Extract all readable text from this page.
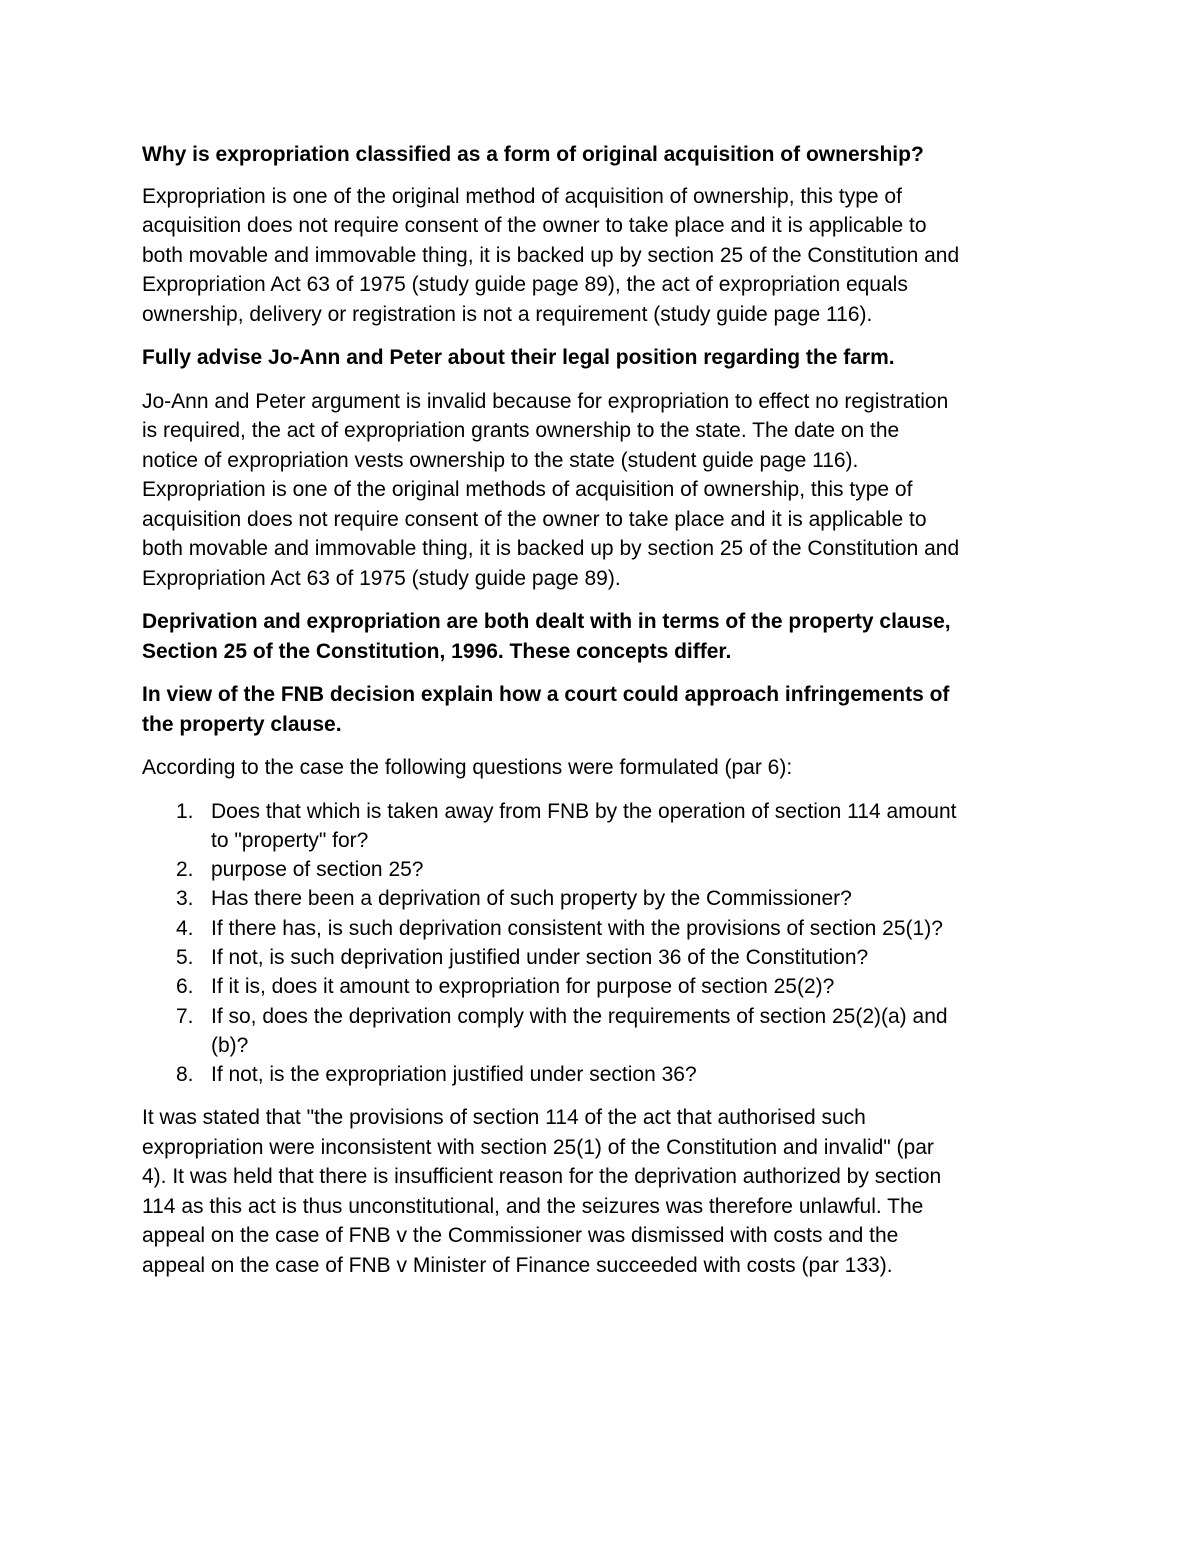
Why is expropriation classified as a form of original acquisition of ownership?
Expropriation is one of the original method of acquisition of ownership, this type of
acquisition does not require consent of the owner to take place and it is applicable to
both movable and immovable thing, it is backed up by section 25 of the Constitution and
Expropriation Act 63 of 1975 (study guide page 89), the act of expropriation equals
ownership, delivery or registration is not a requirement (study guide page 116).
Fully advise Jo-Ann and Peter about their legal position regarding the farm.
Jo-Ann and Peter argument is invalid because for expropriation to effect no registration
is required, the act of expropriation grants ownership to the state. The date on the
notice of expropriation vests ownership to the state (student guide page 116).
Expropriation is one of the original methods of acquisition of ownership, this type of
acquisition does not require consent of the owner to take place and it is applicable to
both movable and immovable thing, it is backed up by section 25 of the Constitution and
Expropriation Act 63 of 1975 (study guide page 89).
Deprivation and expropriation are both dealt with in terms of the property clause,
Section 25 of the Constitution, 1996. These concepts differ.
In view of the FNB decision explain how a court could approach infringements of
the property clause.
According to the case the following questions were formulated (par 6):
1. Does that which is taken away from FNB by the operation of section 114 amount
to "property" for?
2. purpose of section 25?
3. Has there been a deprivation of such property by the Commissioner?
4. If there has, is such deprivation consistent with the provisions of section 25(1)?
5. If not, is such deprivation justified under section 36 of the Constitution?
6. If it is, does it amount to expropriation for purpose of section 25(2)?
7. If so, does the deprivation comply with the requirements of section 25(2)(a) and
(b)?
8. If not, is the expropriation justified under section 36?
It was stated that "the provisions of section 114 of the act that authorised such
expropriation were inconsistent with section 25(1) of the Constitution and invalid" (par
4). It was held that there is insufficient reason for the deprivation authorized by section
114 as this act is thus unconstitutional, and the seizures was therefore unlawful. The
appeal on the case of FNB v the Commissioner was dismissed with costs and the
appeal on the case of FNB v Minister of Finance succeeded with costs (par 133).
